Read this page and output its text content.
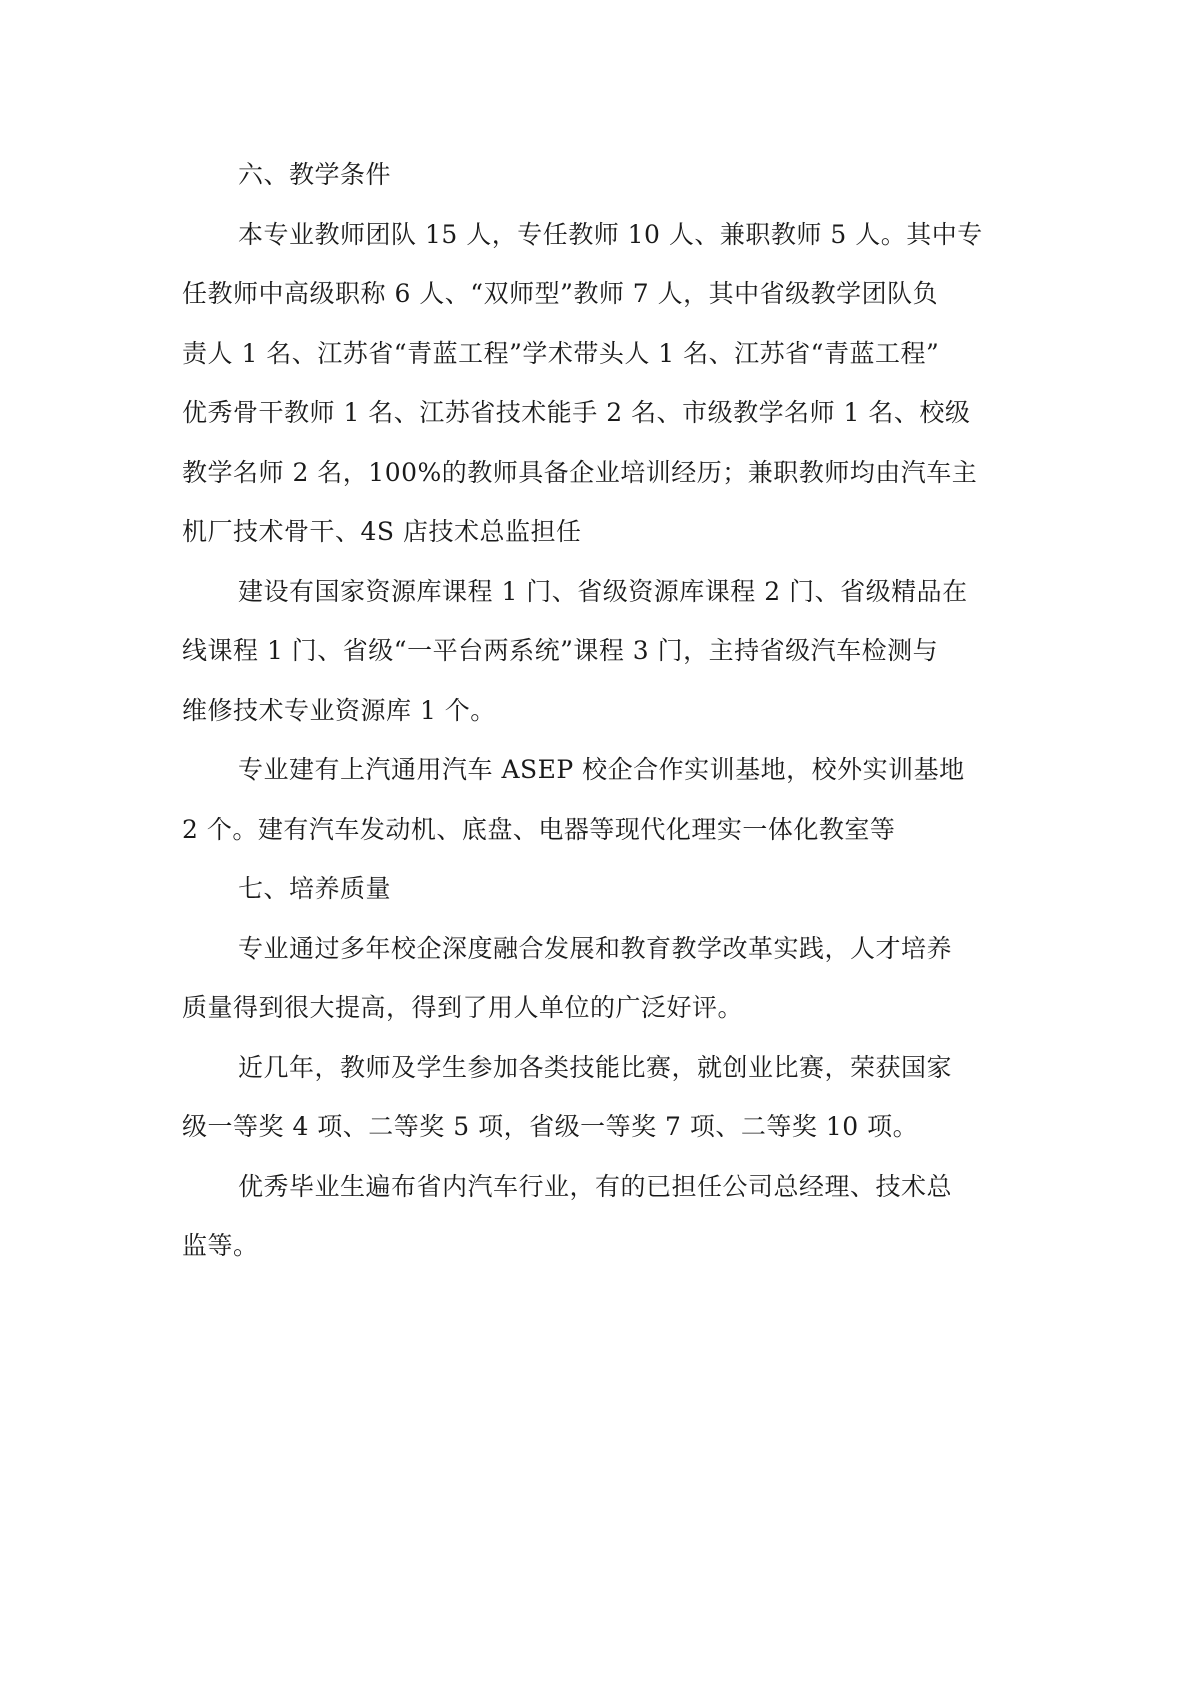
六、教学条件
本专业教师团队 15 人，专任教师 10 人、兼职教师 5 人。其中专
任教师中高级职称 6 人、“双师型”教师 7 人，其中省级教学团队负
责人 1 名、江苏省“青蓝工程”学术带头人 1 名、江苏省“青蓝工程”
优秀骨干教师 1 名、江苏省技术能手 2 名、市级教学名师 1 名、校级
教学名师 2 名，100%的教师具备企业培训经历；兼职教师均由汽车主
机厂技术骨干、4S 店技术总监担任
建设有国家资源库课程 1 门、省级资源库课程 2 门、省级精品在
线课程 1 门、省级“一平台两系统”课程 3 门，主持省级汽车检测与
维修技术专业资源库 1 个。
专业建有上汽通用汽车 ASEP 校企合作实训基地，校外实训基地
2 个。建有汽车发动机、底盘、电器等现代化理实一体化教室等
七、培养质量
专业通过多年校企深度融合发展和教育教学改革实践，人才培养
质量得到很大提高，得到了用人单位的广泛好评。
近几年，教师及学生参加各类技能比赛，就创业比赛，荣获国家
级一等奖 4 项、二等奖 5 项，省级一等奖 7 项、二等奖 10 项。
优秀毕业生遍布省内汽车行业，有的已担任公司总经理、技术总
监等。
